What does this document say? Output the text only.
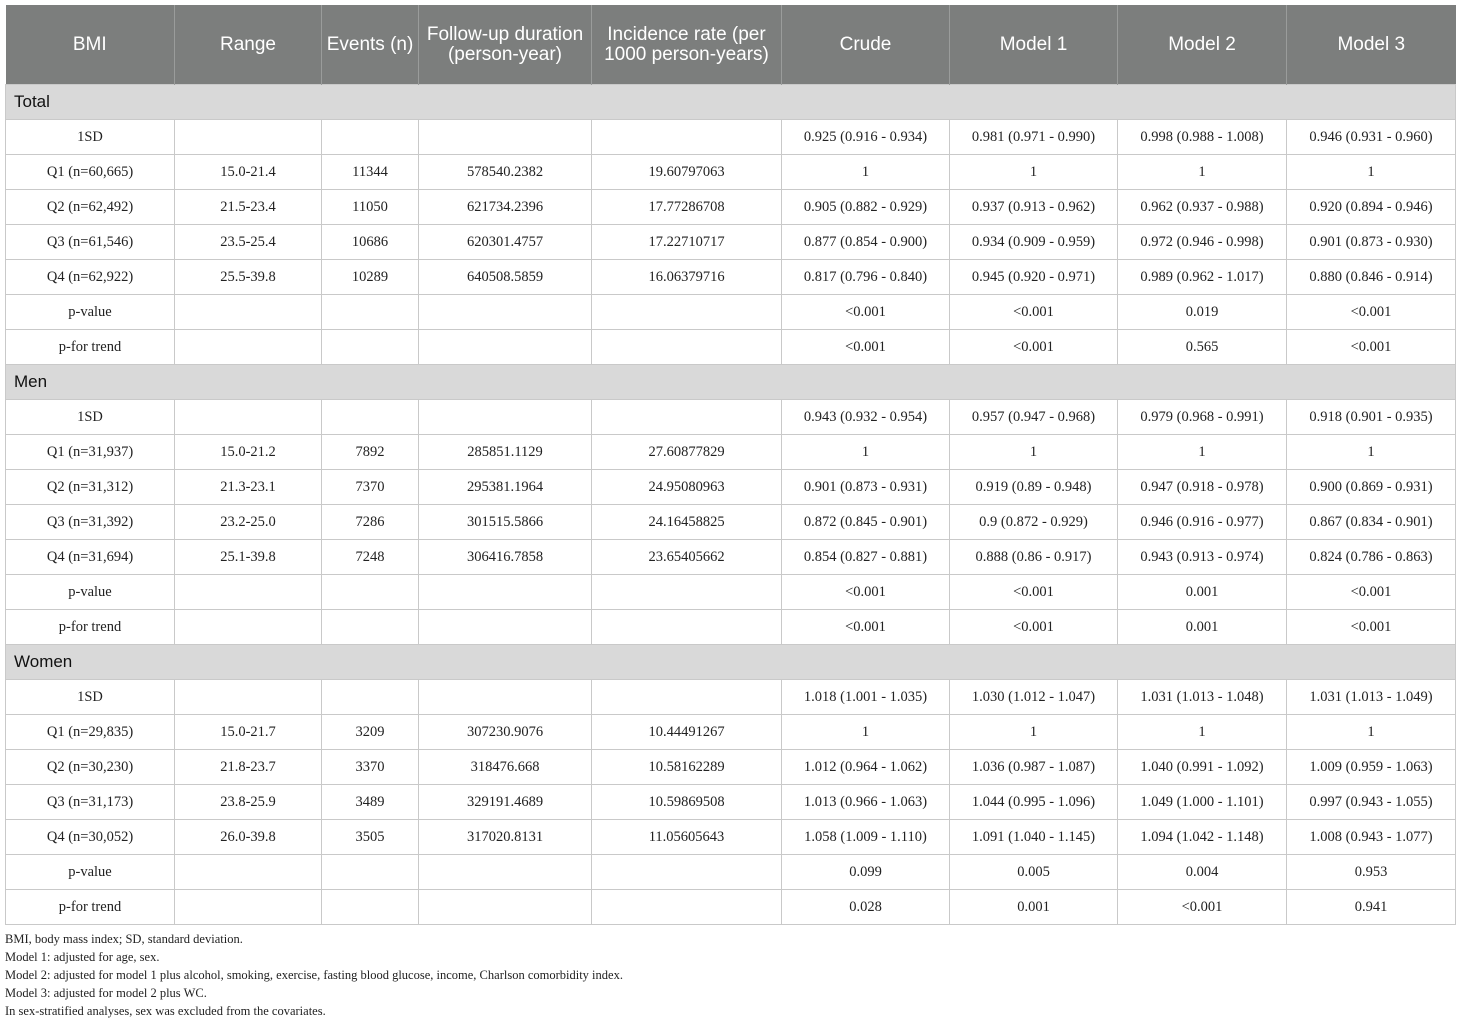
BMI	Range	Events (n)	Follow-up duration (person-year)	Incidence rate (per 1000 person-years)	Crude	Model 1	Model 2	Model 3
Total								
1SD					0.925 (0.916 - 0.934)	0.981 (0.971 - 0.990)	0.998 (0.988 - 1.008)	0.946 (0.931 - 0.960)
Q1 (n=60,665)	15.0-21.4	11344	578540.2382	19.60797063	1	1	1	1
Q2 (n=62,492)	21.5-23.4	11050	621734.2396	17.77286708	0.905 (0.882 - 0.929)	0.937 (0.913 - 0.962)	0.962 (0.937 - 0.988)	0.920 (0.894 - 0.946)
Q3 (n=61,546)	23.5-25.4	10686	620301.4757	17.22710717	0.877 (0.854 - 0.900)	0.934 (0.909 - 0.959)	0.972 (0.946 - 0.998)	0.901 (0.873 - 0.930)
Q4 (n=62,922)	25.5-39.8	10289	640508.5859	16.06379716	0.817 (0.796 - 0.840)	0.945 (0.920 - 0.971)	0.989 (0.962 - 1.017)	0.880 (0.846 - 0.914)
p-value					<0.001	<0.001	0.019	<0.001
p-for trend					<0.001	<0.001	0.565	<0.001
Men								
1SD					0.943 (0.932 - 0.954)	0.957 (0.947 - 0.968)	0.979 (0.968 - 0.991)	0.918 (0.901 - 0.935)
Q1 (n=31,937)	15.0-21.2	7892	285851.1129	27.60877829	1	1	1	1
Q2 (n=31,312)	21.3-23.1	7370	295381.1964	24.95080963	0.901 (0.873 - 0.931)	0.919 (0.89 - 0.948)	0.947 (0.918 - 0.978)	0.900 (0.869 - 0.931)
Q3 (n=31,392)	23.2-25.0	7286	301515.5866	24.16458825	0.872 (0.845 - 0.901)	0.9 (0.872 - 0.929)	0.946 (0.916 - 0.977)	0.867 (0.834 - 0.901)
Q4 (n=31,694)	25.1-39.8	7248	306416.7858	23.65405662	0.854 (0.827 - 0.881)	0.888 (0.86 - 0.917)	0.943 (0.913 - 0.974)	0.824 (0.786 - 0.863)
p-value					<0.001	<0.001	0.001	<0.001
p-for trend					<0.001	<0.001	0.001	<0.001
Women								
1SD					1.018 (1.001 - 1.035)	1.030 (1.012 - 1.047)	1.031 (1.013 - 1.048)	1.031 (1.013 - 1.049)
Q1 (n=29,835)	15.0-21.7	3209	307230.9076	10.44491267	1	1	1	1
Q2 (n=30,230)	21.8-23.7	3370	318476.668	10.58162289	1.012 (0.964 - 1.062)	1.036 (0.987 - 1.087)	1.040 (0.991 - 1.092)	1.009 (0.959 - 1.063)
Q3 (n=31,173)	23.8-25.9	3489	329191.4689	10.59869508	1.013 (0.966 - 1.063)	1.044 (0.995 - 1.096)	1.049 (1.000 - 1.101)	0.997 (0.943 - 1.055)
Q4 (n=30,052)	26.0-39.8	3505	317020.8131	11.05605643	1.058 (1.009 - 1.110)	1.091 (1.040 - 1.145)	1.094 (1.042 - 1.148)	1.008 (0.943 - 1.077)
p-value					0.099	0.005	0.004	0.953
p-for trend					0.028	0.001	<0.001	0.941
BMI, body mass index; SD, standard deviation.
Model 1: adjusted for age, sex.
Model 2: adjusted for model 1 plus alcohol, smoking, exercise, fasting blood glucose, income, Charlson comorbidity index.
Model 3: adjusted for model 2 plus WC.
In sex-stratified analyses, sex was excluded from the covariates.
